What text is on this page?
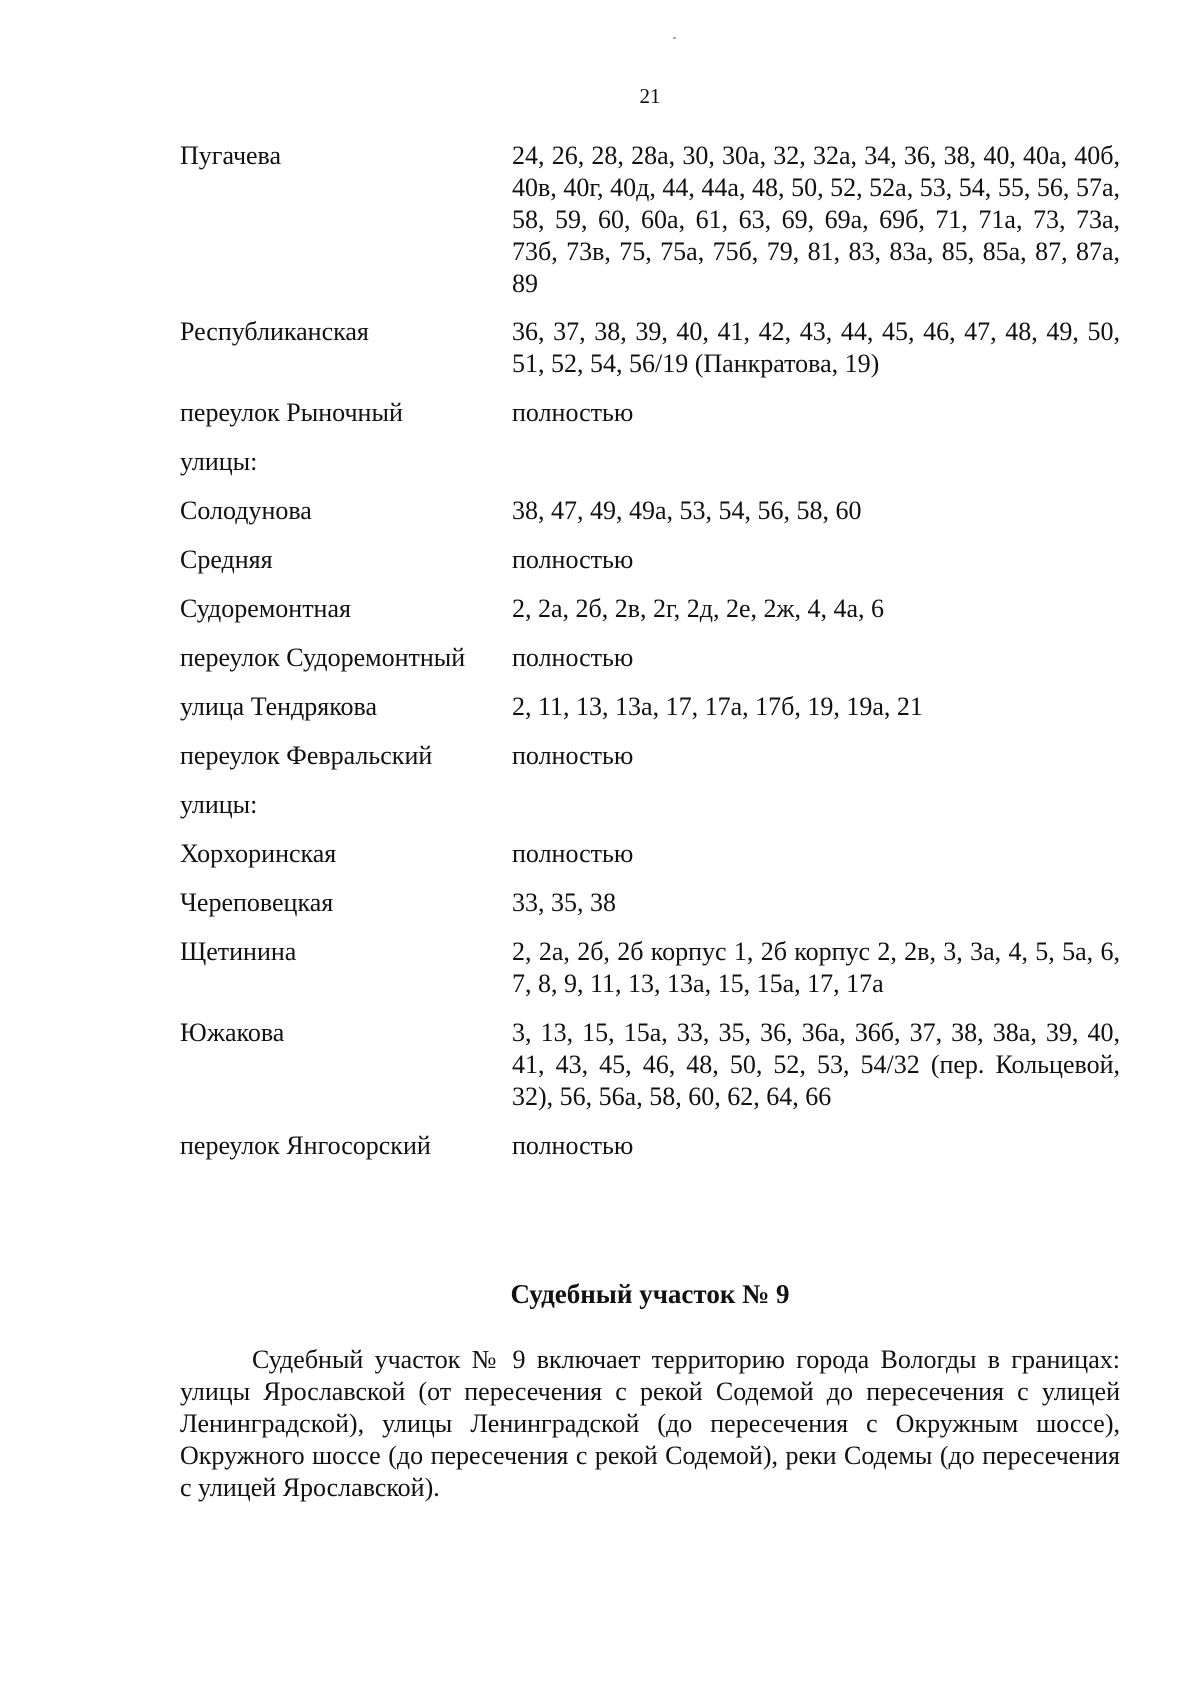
21
Пугачева	24, 26, 28, 28а, 30, 30а, 32, 32а, 34, 36, 38, 40, 40а, 40б, 40в, 40г, 40д, 44, 44а, 48, 50, 52, 52а, 53, 54, 55, 56, 57а, 58, 59, 60, 60а, 61, 63, 69, 69а, 69б, 71, 71а, 73, 73а, 73б, 73в, 75, 75а, 75б, 79, 81, 83, 83а, 85, 85а, 87, 87а, 89
Республиканская	36, 37, 38, 39, 40, 41, 42, 43, 44, 45, 46, 47, 48, 49, 50, 51, 52, 54, 56/19 (Панкратова, 19)
переулок Рыночный	полностью
улицы:
Солодунова	38, 47, 49, 49а, 53, 54, 56, 58, 60
Средняя	полностью
Судоремонтная	2, 2а, 2б, 2в, 2г, 2д, 2е, 2ж, 4, 4а, 6
переулок Судоремонтный	полностью
улица Тендрякова	2, 11, 13, 13а, 17, 17а, 17б, 19, 19а, 21
переулок Февральский	полностью
улицы:
Хорхоринская	полностью
Череповецкая	33, 35, 38
Щетинина	2, 2а, 2б, 2б корпус 1, 2б корпус 2, 2в, 3, 3а, 4, 5, 5а, 6, 7, 8, 9, 11, 13, 13а, 15, 15а, 17, 17а
Южакова	3, 13, 15, 15а, 33, 35, 36, 36а, 36б, 37, 38, 38а, 39, 40, 41, 43, 45, 46, 48, 50, 52, 53, 54/32 (пер. Кольцевой, 32), 56, 56а, 58, 60, 62, 64, 66
переулок Янгосорский	полностью
Судебный участок № 9
Судебный участок № 9 включает территорию города Вологды в границах: улицы Ярославской (от пересечения с рекой Содемой до пересечения с улицей Ленинградской), улицы Ленинградской (до пересечения с Окружным шоссе), Окружного шоссе (до пересечения с рекой Содемой), реки Содемы (до пересечения с улицей Ярославской).
